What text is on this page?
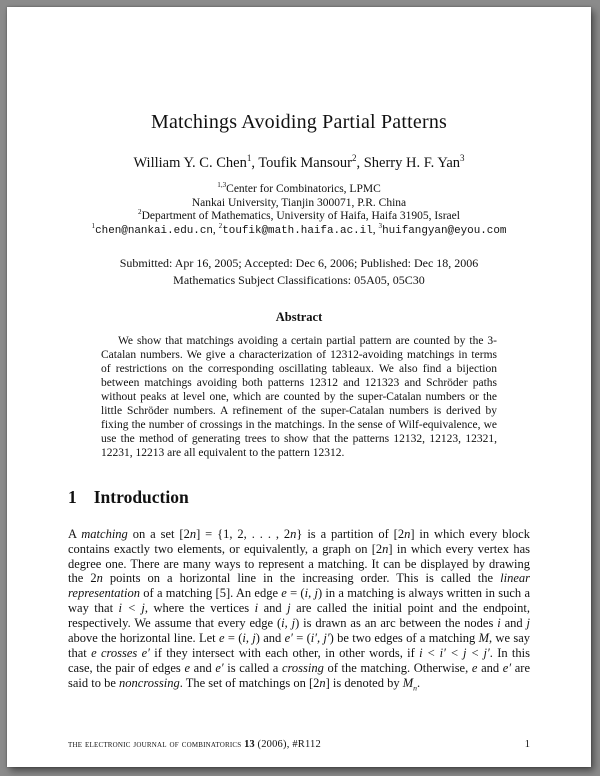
Matchings Avoiding Partial Patterns
William Y. C. Chen$^1$, Toufik Mansour$^2$, Sherry H. F. Yan$^3$
$^{1,3}$Center for Combinatorics, LPMC
Nankai University, Tianjin 300071, P.R. China
$^2$Department of Mathematics, University of Haifa, Haifa 31905, Israel
$^1$chen@nankai.edu.cn, $^2$toufik@math.haifa.ac.il, $^3$huifangyan@eyou.com
Submitted: Apr 16, 2005; Accepted: Dec 6, 2006; Published: Dec 18, 2006
Mathematics Subject Classifications: 05A05, 05C30
Abstract
We show that matchings avoiding a certain partial pattern are counted by the 3-Catalan numbers. We give a characterization of 12312-avoiding matchings in terms of restrictions on the corresponding oscillating tableaux. We also find a bijection between matchings avoiding both patterns 12312 and 121323 and Schröder paths without peaks at level one, which are counted by the super-Catalan numbers or the little Schröder numbers. A refinement of the super-Catalan numbers is derived by fixing the number of crossings in the matchings. In the sense of Wilf-equivalence, we use the method of generating trees to show that the patterns 12132, 12123, 12321, 12231, 12213 are all equivalent to the pattern 12312.
1 Introduction
A matching on a set [2n] = {1, 2, . . . , 2n} is a partition of [2n] in which every block contains exactly two elements, or equivalently, a graph on [2n] in which every vertex has degree one. There are many ways to represent a matching. It can be displayed by drawing the 2n points on a horizontal line in the increasing order. This is called the linear representation of a matching [5]. An edge e = (i, j) in a matching is always written in such a way that i < j, where the vertices i and j are called the initial point and the endpoint, respectively. We assume that every edge (i, j) is drawn as an arc between the nodes i and j above the horizontal line. Let e = (i, j) and e′ = (i′, j′) be two edges of a matching M, we say that e crosses e′ if they intersect with each other, in other words, if i < i′ < j < j′. In this case, the pair of edges e and e′ is called a crossing of the matching. Otherwise, e and e′ are said to be noncrossing. The set of matchings on [2n] is denoted by $M_n$.
the electronic journal of combinatorics 13 (2006), #R112	1
